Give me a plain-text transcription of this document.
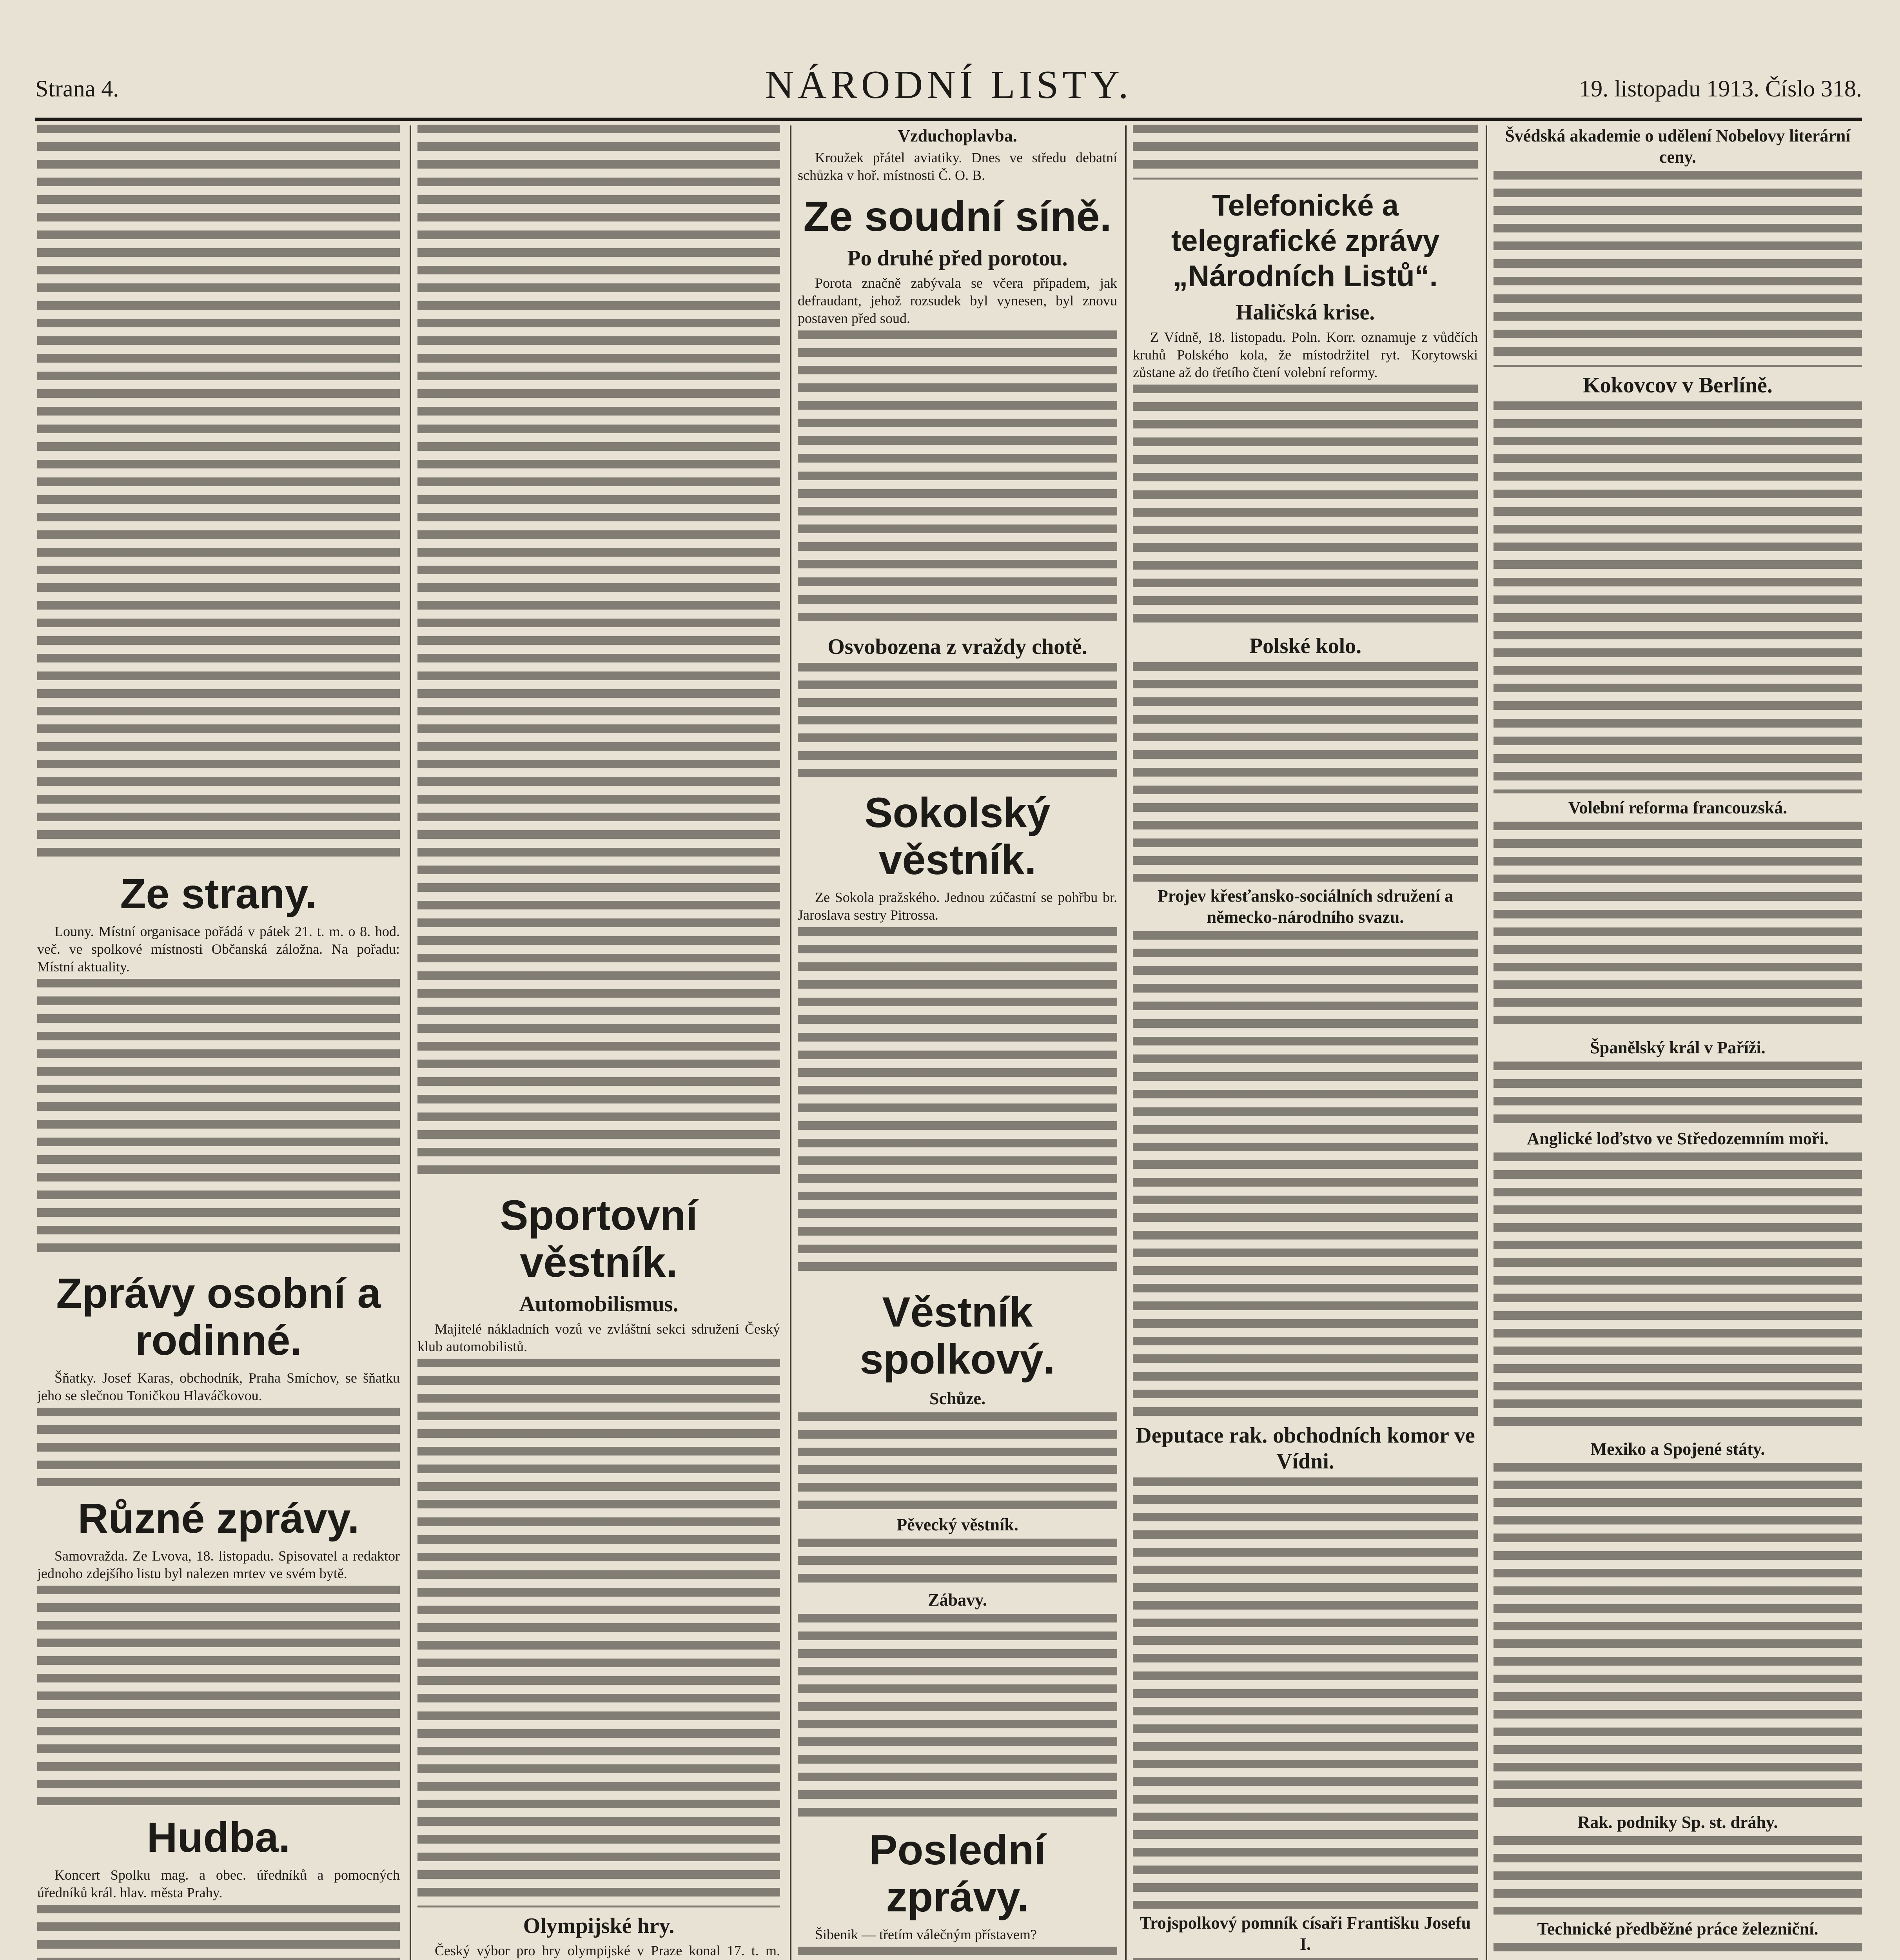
Strana 4.	NÁRODNÍ LISTY.	19. listopadu 1913. Číslo 318.
Ze strany.

Louny. Místní organisace pořádá v pátek 21. t. m. o 8. hod. več. ve spolkové místnosti Občanská záložna. Na pořadu: Místní aktuality.

Zprávy osobní a rodinné.

Šňatky. Josef Karas, obchodník, Praha Smíchov, se šňatku jeho se slečnou Toničkou Hlaváčkovou.

Různé zprávy.

Samovražda. Ze Lvova, 18. listopadu. Spisovatel a redaktor jednoho zdejšího listu byl nalezen mrtev ve svém bytě.

Hudba.

Koncert Spolku mag. a obec. úředníků a pomocných úředníků král. hlav. města Prahy.

Sportovní věstník.
Automobilismus.

Majitelé nákladních vozů ve zvláštní sekci sdružení Český klub automobilistů.

Olympijské hry.

Český výbor pro hry olympijské v Praze konal 17. t. m.

Vzduchoplavba.

Kroužek přátel aviatiky. Dnes ve středu debatní schůzka v hoř. místnosti Č. O. B.

Ze soudní síně.
Po druhé před porotou.

Porota značně zabývala se včera případem, jak defraudant, jehož rozsudek byl vynesen, byl znovu postaven před soud.

Osvobozena z vraždy chotě.
Sokolský věstník.

Ze Sokola pražského. Jednou zúčastní se pohřbu br. Jaroslava sestry Pitrossa.

Věstník spolkový.
Schůze.
Pěvecký věstník.
Zábavy.
Poslední zprávy.

Šibenik — třetím válečným přístavem?

Telefonické a telegrafické zprávy „Národních Listů“.
Haličská krise.

Z Vídně, 18. listopadu. Poln. Korr. oznamuje z vůdčích kruhů Polského kola, že místodržitel ryt. Korytowski zůstane až do třetího čtení volební reformy.

Polské kolo.
Projev křesťansko-sociálních sdružení a německo-národního svazu.
Deputace rak. obchodních komor ve Vídni.
Trojspolkový pomník císaři Františku Josefu I.
Švédská akademie o udělení Nobelovy literární ceny.
Kokovcov v Berlíně.
Volební reforma francouzská.
Španělský král v Paříži.
Anglické loďstvo ve Středozemním moři.
Mexiko a Spojené státy.
Rak. podniky Sp. st. dráhy.
Technické předběžné práce železniční.
